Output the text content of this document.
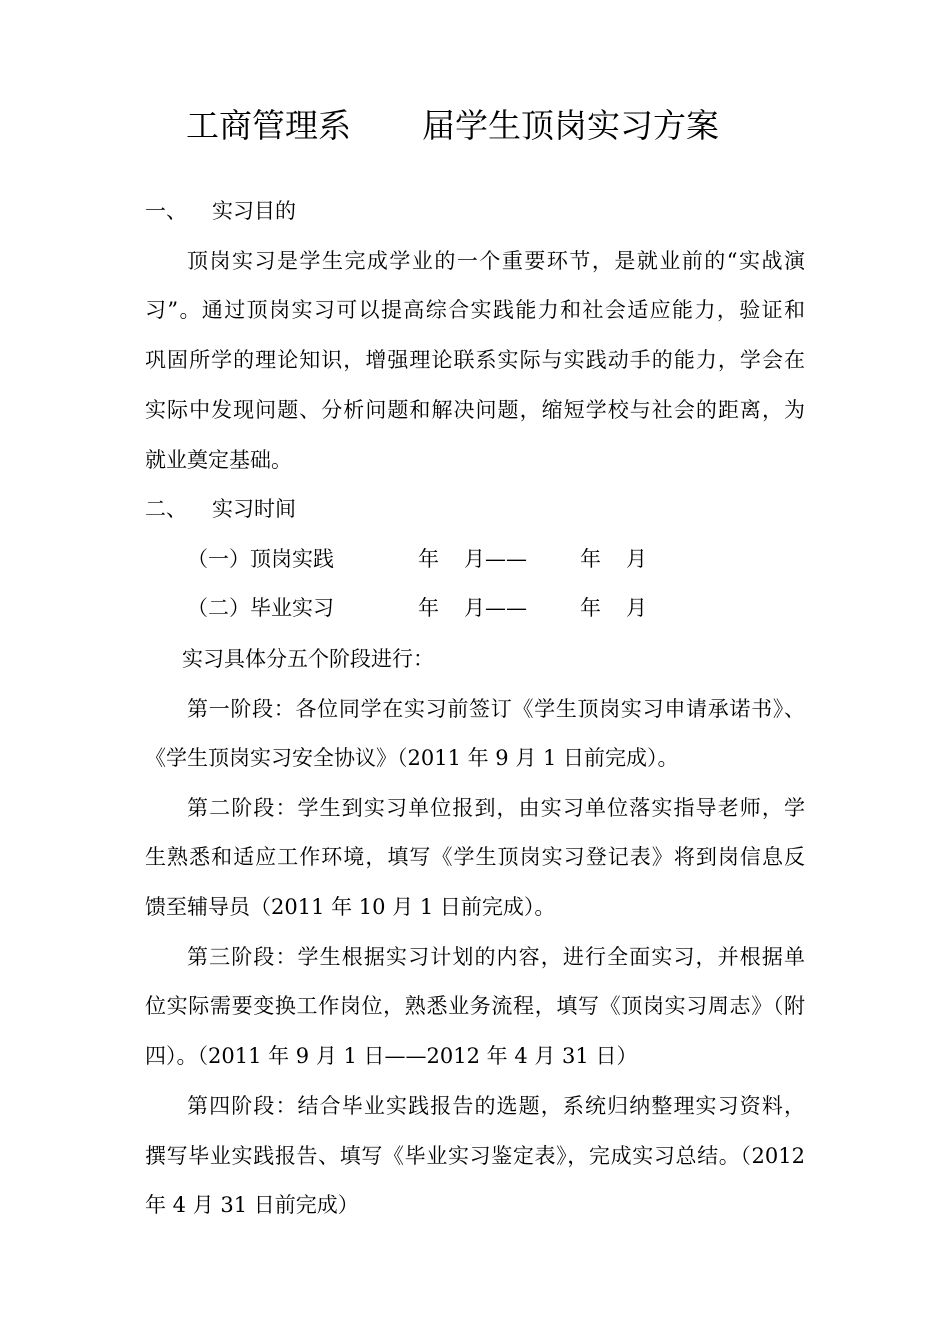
工商管理系 届学生顶岗实习方案
一、 实习目的
顶岗实习是学生完成学业的一个重要环节，是就业前的“实战演
习”。通过顶岗实习可以提高综合实践能力和社会适应能力，验证和
巩固所学的理论知识，增强理论联系实际与实践动手的能力，学会在
实际中发现问题、分析问题和解决问题，缩短学校与社会的距离，为
就业奠定基础。
二、 实习时间
（一）顶岗实践	年 月——	年 月
（二）毕业实习	年 月——	年 月
实习具体分五个阶段进行：
第一阶段：各位同学在实习前签订《学生顶岗实习申请承诺书》、
《学生顶岗实习安全协议》（2011 年 9 月 1 日前完成）。
第二阶段：学生到实习单位报到，由实习单位落实指导老师，学
生熟悉和适应工作环境，填写《学生顶岗实习登记表》将到岗信息反
馈至辅导员（2011 年 10 月 1 日前完成）。
第三阶段：学生根据实习计划的内容，进行全面实习，并根据单
位实际需要变换工作岗位，熟悉业务流程，填写《顶岗实习周志》（附
四）。（2011 年 9 月 1 日——2012 年 4 月 31 日）
第四阶段：结合毕业实践报告的选题，系统归纳整理实习资料，
撰写毕业实践报告、填写《毕业实习鉴定表》，完成实习总结。（2012
年 4 月 31 日前完成）
